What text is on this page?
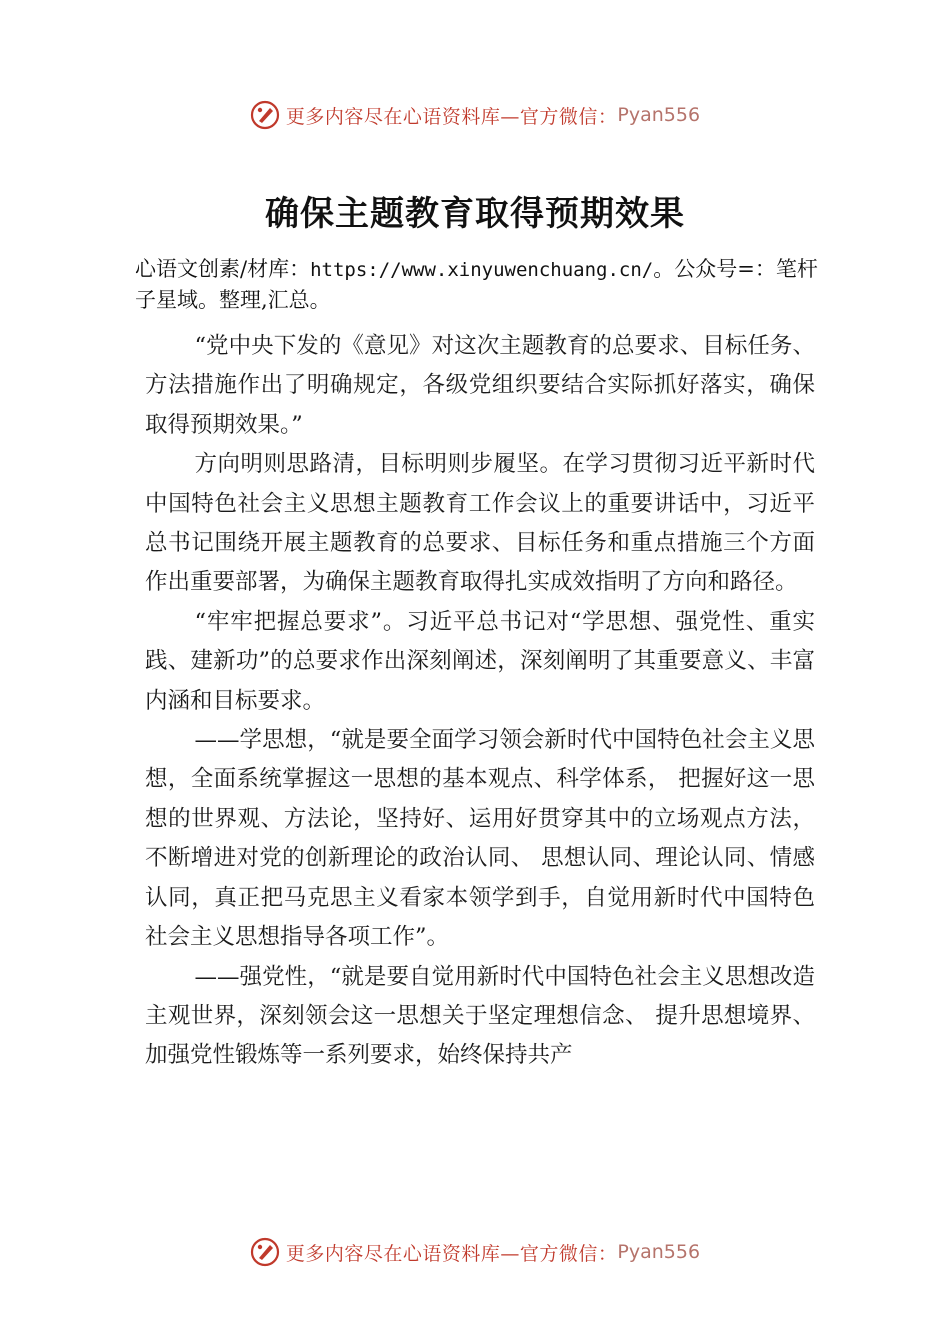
更多内容尽在心语资料库—官方微信： Pyan556
确保主题教育取得预期效果
心语文创素/材库：https://www.xinyuwenchuang.cn/。公众号=：笔杆子星域。整理,汇总。

“党中央下发的《意见》对这次主题教育的总要求、目标任务、方法措施作出了明确规定，各级党组织要结合实际抓好落实，确保取得预期效果。”

方向明则思路清，目标明则步履坚。在学习贯彻习近平新时代中国特色社会主义思想主题教育工作会议上的重要讲话中，习近平总书记围绕开展主题教育的总要求、目标任务和重点措施三个方面作出重要部署，为确保主题教育取得扎实成效指明了方向和路径。

“牢牢把握总要求”。习近平总书记对“学思想、强党性、重实践、建新功”的总要求作出深刻阐述，深刻阐明了其重要意义、丰富内涵和目标要求。

——学思想，“就是要全面学习领会新时代中国特色社会主义思想，全面系统掌握这一思想的基本观点、科学体系， 把握好这一思想的世界观、方法论，坚持好、运用好贯穿其中的立场观点方法，不断增进对党的创新理论的政治认同、 思想认同、理论认同、情感认同，真正把马克思主义看家本领学到手，自觉用新时代中国特色社会主义思想指导各项工作”。

——强党性，“就是要自觉用新时代中国特色社会主义思想改造主观世界，深刻领会这一思想关于坚定理想信念、 提升思想境界、加强党性锻炼等一系列要求，始终保持共产

更多内容尽在心语资料库—官方微信： Pyan556
